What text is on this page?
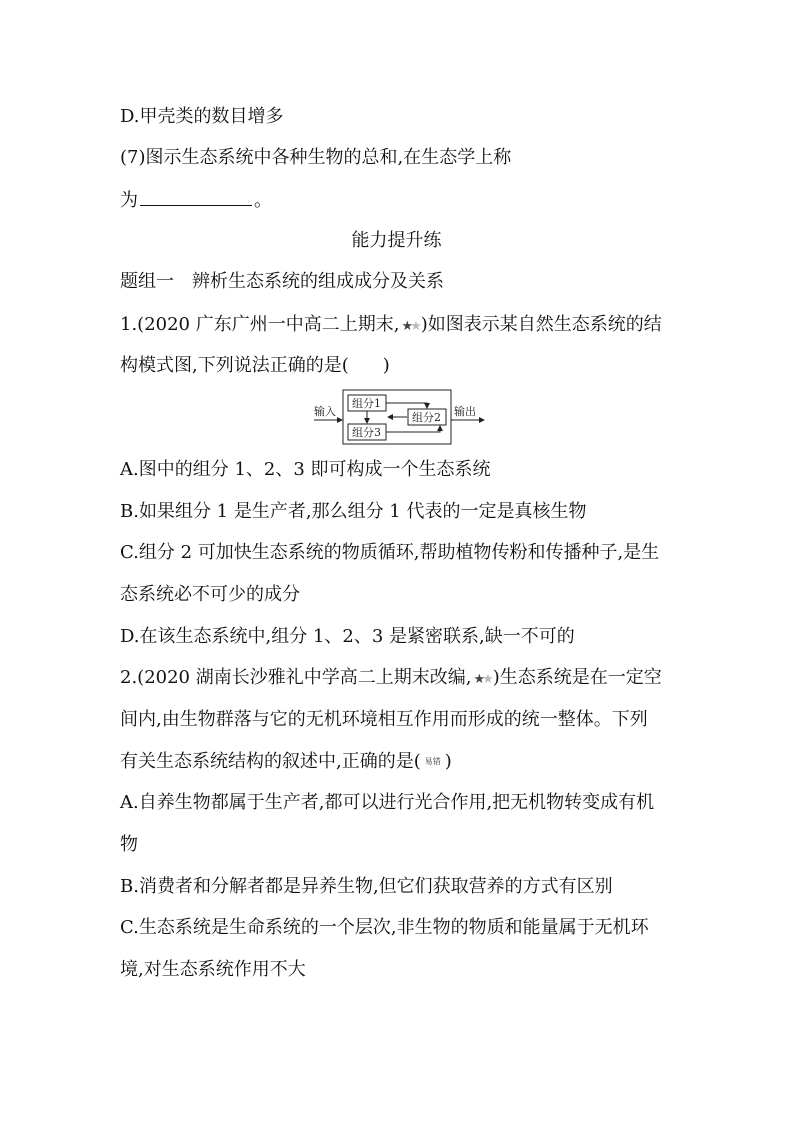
D.甲壳类的数目增多
(7)图示生态系统中各种生物的总和,在生态学上称
为	。
能力提升练
题组一　辨析生态系统的组成成分及关系
1.(2020 广东广州一中高二上期末, ★★ )如图表示某自然生态系统的结
构模式图,下列说法正确的是( )
输入
组分1
组分3
组分2 输出
A.图中的组分 1、2、3 即可构成一个生态系统
B.如果组分 1 是生产者,那么组分 1 代表的一定是真核生物
C.组分 2 可加快生态系统的物质循环,帮助植物传粉和传播种子,是生
态系统必不可少的成分
D.在该生态系统中,组分 1、2、3 是紧密联系,缺一不可的
2.(2020 湖南长沙雅礼中学高二上期末改编, ★★ )生态系统是在一定空
间内,由生物群落与它的无机环境相互作用而形成的统一整体。下列
有关生态系统结构的叙述中,正确的是( 易错 )
A.自养生物都属于生产者,都可以进行光合作用,把无机物转变成有机
物
B.消费者和分解者都是异养生物,但它们获取营养的方式有区别
C.生态系统是生命系统的一个层次,非生物的物质和能量属于无机环
境,对生态系统作用不大
